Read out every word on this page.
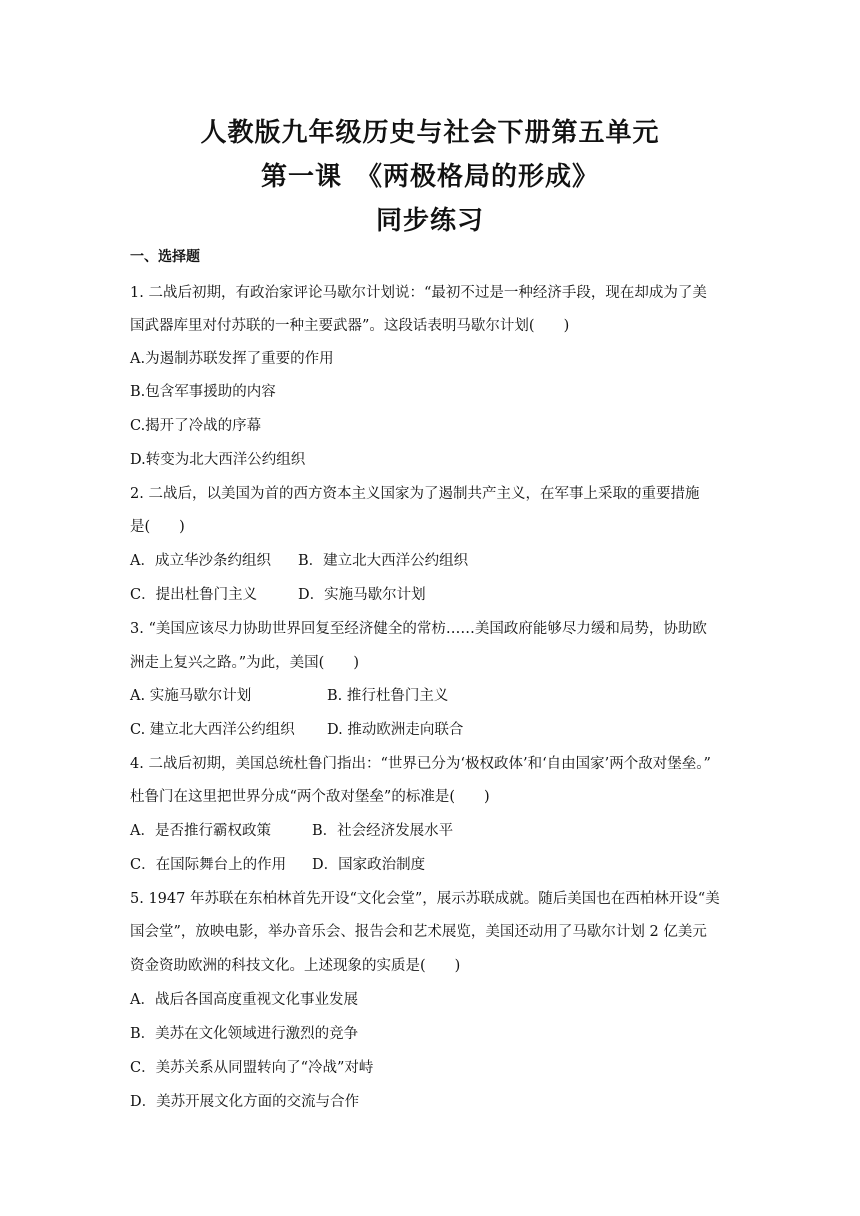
人教版九年级历史与社会下册第五单元
第一课　《两极格局的形成》
同步练习
一、选择题
1. 二战后初期，有政治家评论马歇尔计划说：“最初不过是一种经济手段，现在却成为了美
国武器库里对付苏联的一种主要武器”。这段话表明马歇尔计划(　　)
A.为遏制苏联发挥了重要的作用
B.包含军事援助的内容
C.揭开了冷战的序幕
D.转变为北大西洋公约组织
2. 二战后，以美国为首的西方资本主义国家为了遏制共产主义，在军事上采取的重要措施
是(　　)
A．成立华沙条约组织 B．建立北大西洋公约组织
C．提出杜鲁门主义	D．实施马歇尔计划
3. “美国应该尽力协助世界回复至经济健全的常枋……美国政府能够尽力缓和局势，协助欧
洲走上复兴之路。”为此，美国(　　)
A. 实施马歇尔计划	B. 推行杜鲁门主义
C. 建立北大西洋公约组织 D. 推动欧洲走向联合
4. 二战后初期，美国总统杜鲁门指出：“世界已分为‘极权政体’和‘自由国家’两个敌对堡垒。”
杜鲁门在这里把世界分成“两个敌对堡垒”的标准是(　　)
A．是否推行霸权政策	B．社会经济发展水平
C．在国际舞台上的作用 D．国家政治制度
5. 1947 年苏联在东柏林首先开设“文化会堂”，展示苏联成就。随后美国也在西柏林开设“美
国会堂”，放映电影，举办音乐会、报告会和艺术展览，美国还动用了马歇尔计划 2 亿美元
资金资助欧洲的科技文化。上述现象的实质是(　　)
A．战后各国高度重视文化事业发展
B．美苏在文化领域进行激烈的竞争
C．美苏关系从同盟转向了“冷战”对峙
D．美苏开展文化方面的交流与合作
